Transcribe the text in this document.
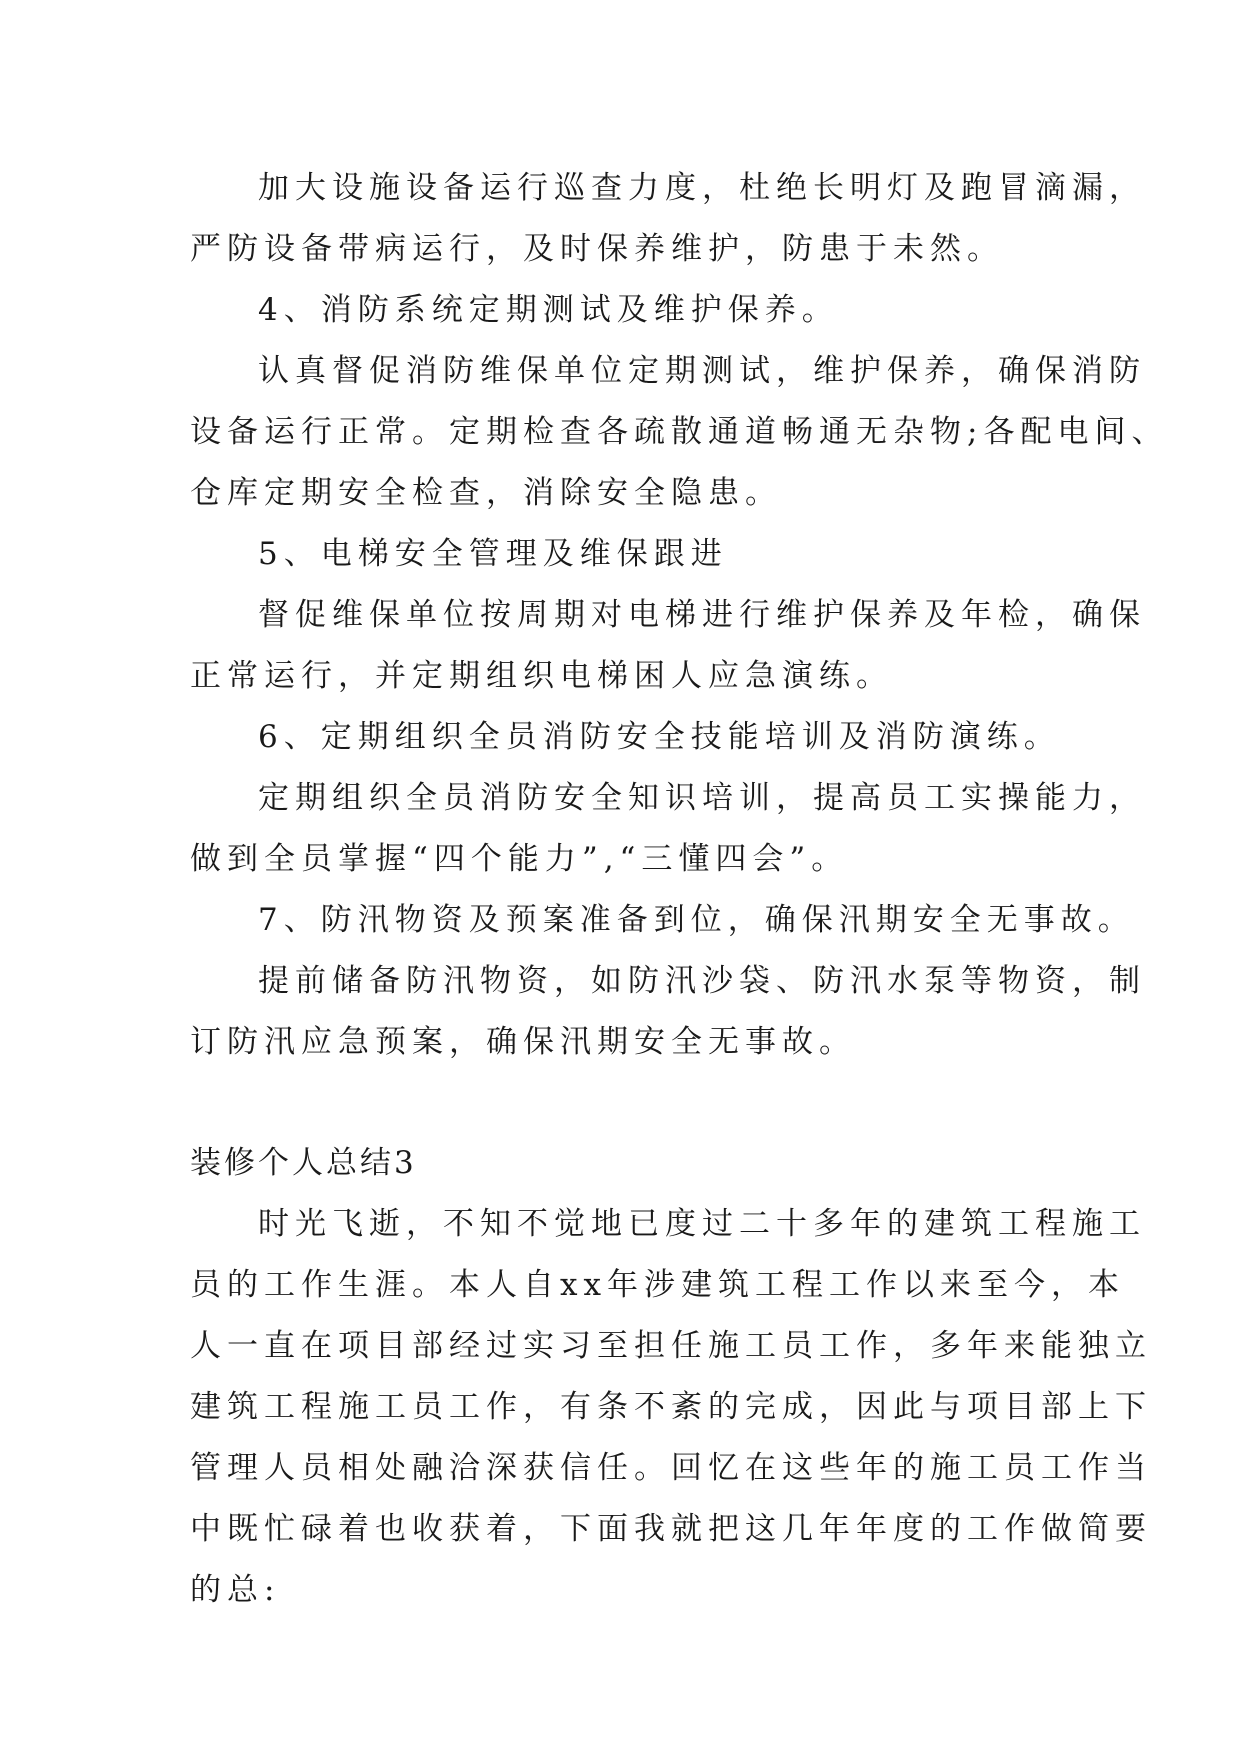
加大设施设备运行巡查力度，杜绝长明灯及跑冒滴漏，
严防设备带病运行，及时保养维护，防患于未然。
4、消防系统定期测试及维护保养。
认真督促消防维保单位定期测试，维护保养，确保消防
设备运行正常。定期检查各疏散通道畅通无杂物;各配电间、
仓库定期安全检查，消除安全隐患。
5、电梯安全管理及维保跟进
督促维保单位按周期对电梯进行维护保养及年检，确保
正常运行，并定期组织电梯困人应急演练。
6、定期组织全员消防安全技能培训及消防演练。
定期组织全员消防安全知识培训，提高员工实操能力，
做到全员掌握“四个能力”,“三懂四会”。
7、防汛物资及预案准备到位，确保汛期安全无事故。
提前储备防汛物资，如防汛沙袋、防汛水泵等物资，制
订防汛应急预案，确保汛期安全无事故。
装修个人总结3
时光飞逝，不知不觉地已度过二十多年的建筑工程施工
员的工作生涯。本人自xx年涉建筑工程工作以来至今，本
人一直在项目部经过实习至担任施工员工作，多年来能独立
建筑工程施工员工作，有条不紊的完成，因此与项目部上下
管理人员相处融洽深获信任。回忆在这些年的施工员工作当
中既忙碌着也收获着，下面我就把这几年年度的工作做简要
的总:
